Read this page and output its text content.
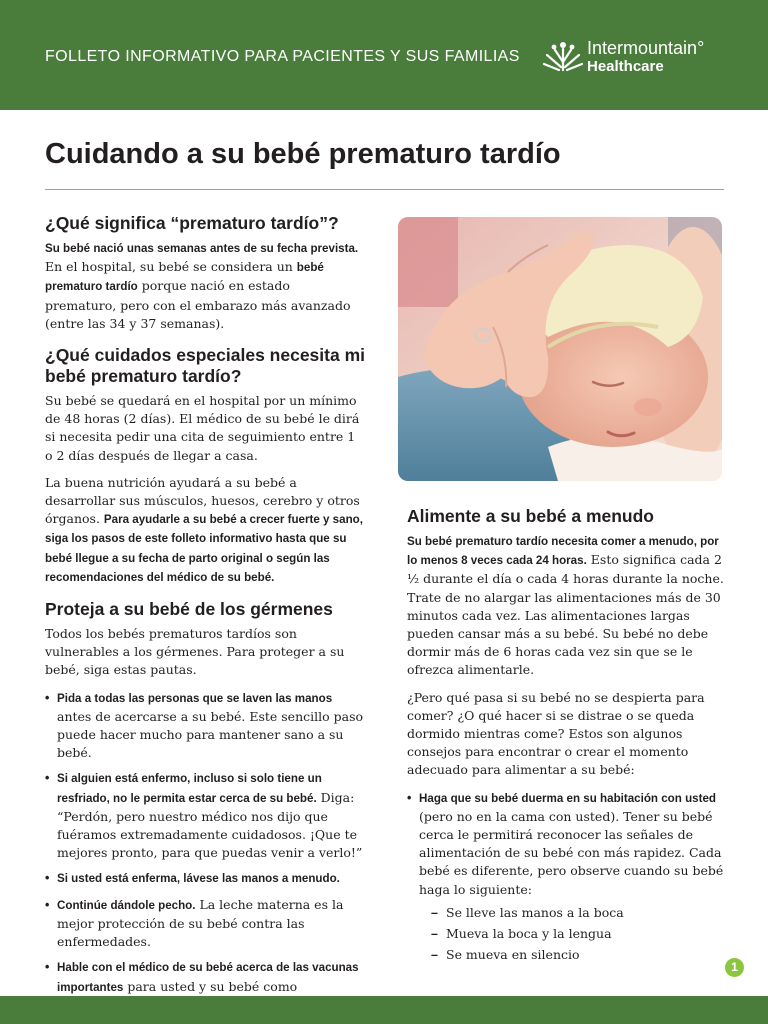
FOLLETO INFORMATIVO PARA PACIENTES Y SUS FAMILIAS	Intermountain°
Healthcare
Cuidando a su bebé prematuro tardío
¿Qué significa “prematuro tardío”?

Su bebé nació unas semanas antes de su fecha prevista. En el hospital, su bebé se considera un bebé prematuro tardío porque nació en estado prematuro, pero con el embarazo más avanzado (entre las 34 y 37 semanas).

¿Qué cuidados especiales necesita mi bebé prematuro tardío?

Su bebé se quedará en el hospital por un mínimo de 48 horas (2 días). El médico de su bebé le dirá si necesita pedir una cita de seguimiento entre 1 o 2 días después de llegar a casa.

La buena nutrición ayudará a su bebé a desarrollar sus músculos, huesos, cerebro y otros órganos. Para ayudarle a su bebé a crecer fuerte y sano, siga los pasos de este folleto informativo hasta que su bebé llegue a su fecha de parto original o según las recomendaciones del médico de su bebé.

Proteja a su bebé de los gérmenes

Todos los bebés prematuros tardíos son vulnerables a los gérmenes. Para proteger a su bebé, siga estas pautas.

• Pida a todas las personas que se laven las manos antes de acercarse a su bebé. Este sencillo paso puede hacer mucho para mantener sano a su bebé.
• Si alguien está enfermo, incluso si solo tiene un resfriado, no le permita estar cerca de su bebé. Diga: “Perdón, pero nuestro médico nos dijo que fuéramos extremadamente cuidadosos. ¡Que te mejores pronto, para que puedas venir a verlo!”
• Si usted está enferma, lávese las manos a menudo.
• Continúe dándole pecho. La leche materna es la mejor protección de su bebé contra las enfermedades.
• Hable con el médico de su bebé acerca de las vacunas importantes para usted y su bebé como
Alimente a su bebé a menudo

Su bebé prematuro tardío necesita comer a menudo, por lo menos 8 veces cada 24 horas. Esto significa cada 2 ½ durante el día o cada 4 horas durante la noche. Trate de no alargar las alimentaciones más de 30 minutos cada vez. Las alimentaciones largas pueden cansar más a su bebé. Su bebé no debe dormir más de 6 horas cada vez sin que se le ofrezca alimentarle.

¿Pero qué pasa si su bebé no se despierta para comer? ¿O qué hacer si se distrae o se queda dormido mientras come? Estos son algunos consejos para encontrar o crear el momento adecuado para alimentar a su bebé:

• Haga que su bebé duerma en su habitación con usted (pero no en la cama con usted). Tener su bebé cerca le permitirá reconocer las señales de alimentación de su bebé con más rapidez. Cada bebé es diferente, pero observe cuando su bebé haga lo siguiente:
– Se lleve las manos a la boca
– Mueva la boca y la lengua
– Se mueva en silencio
1
